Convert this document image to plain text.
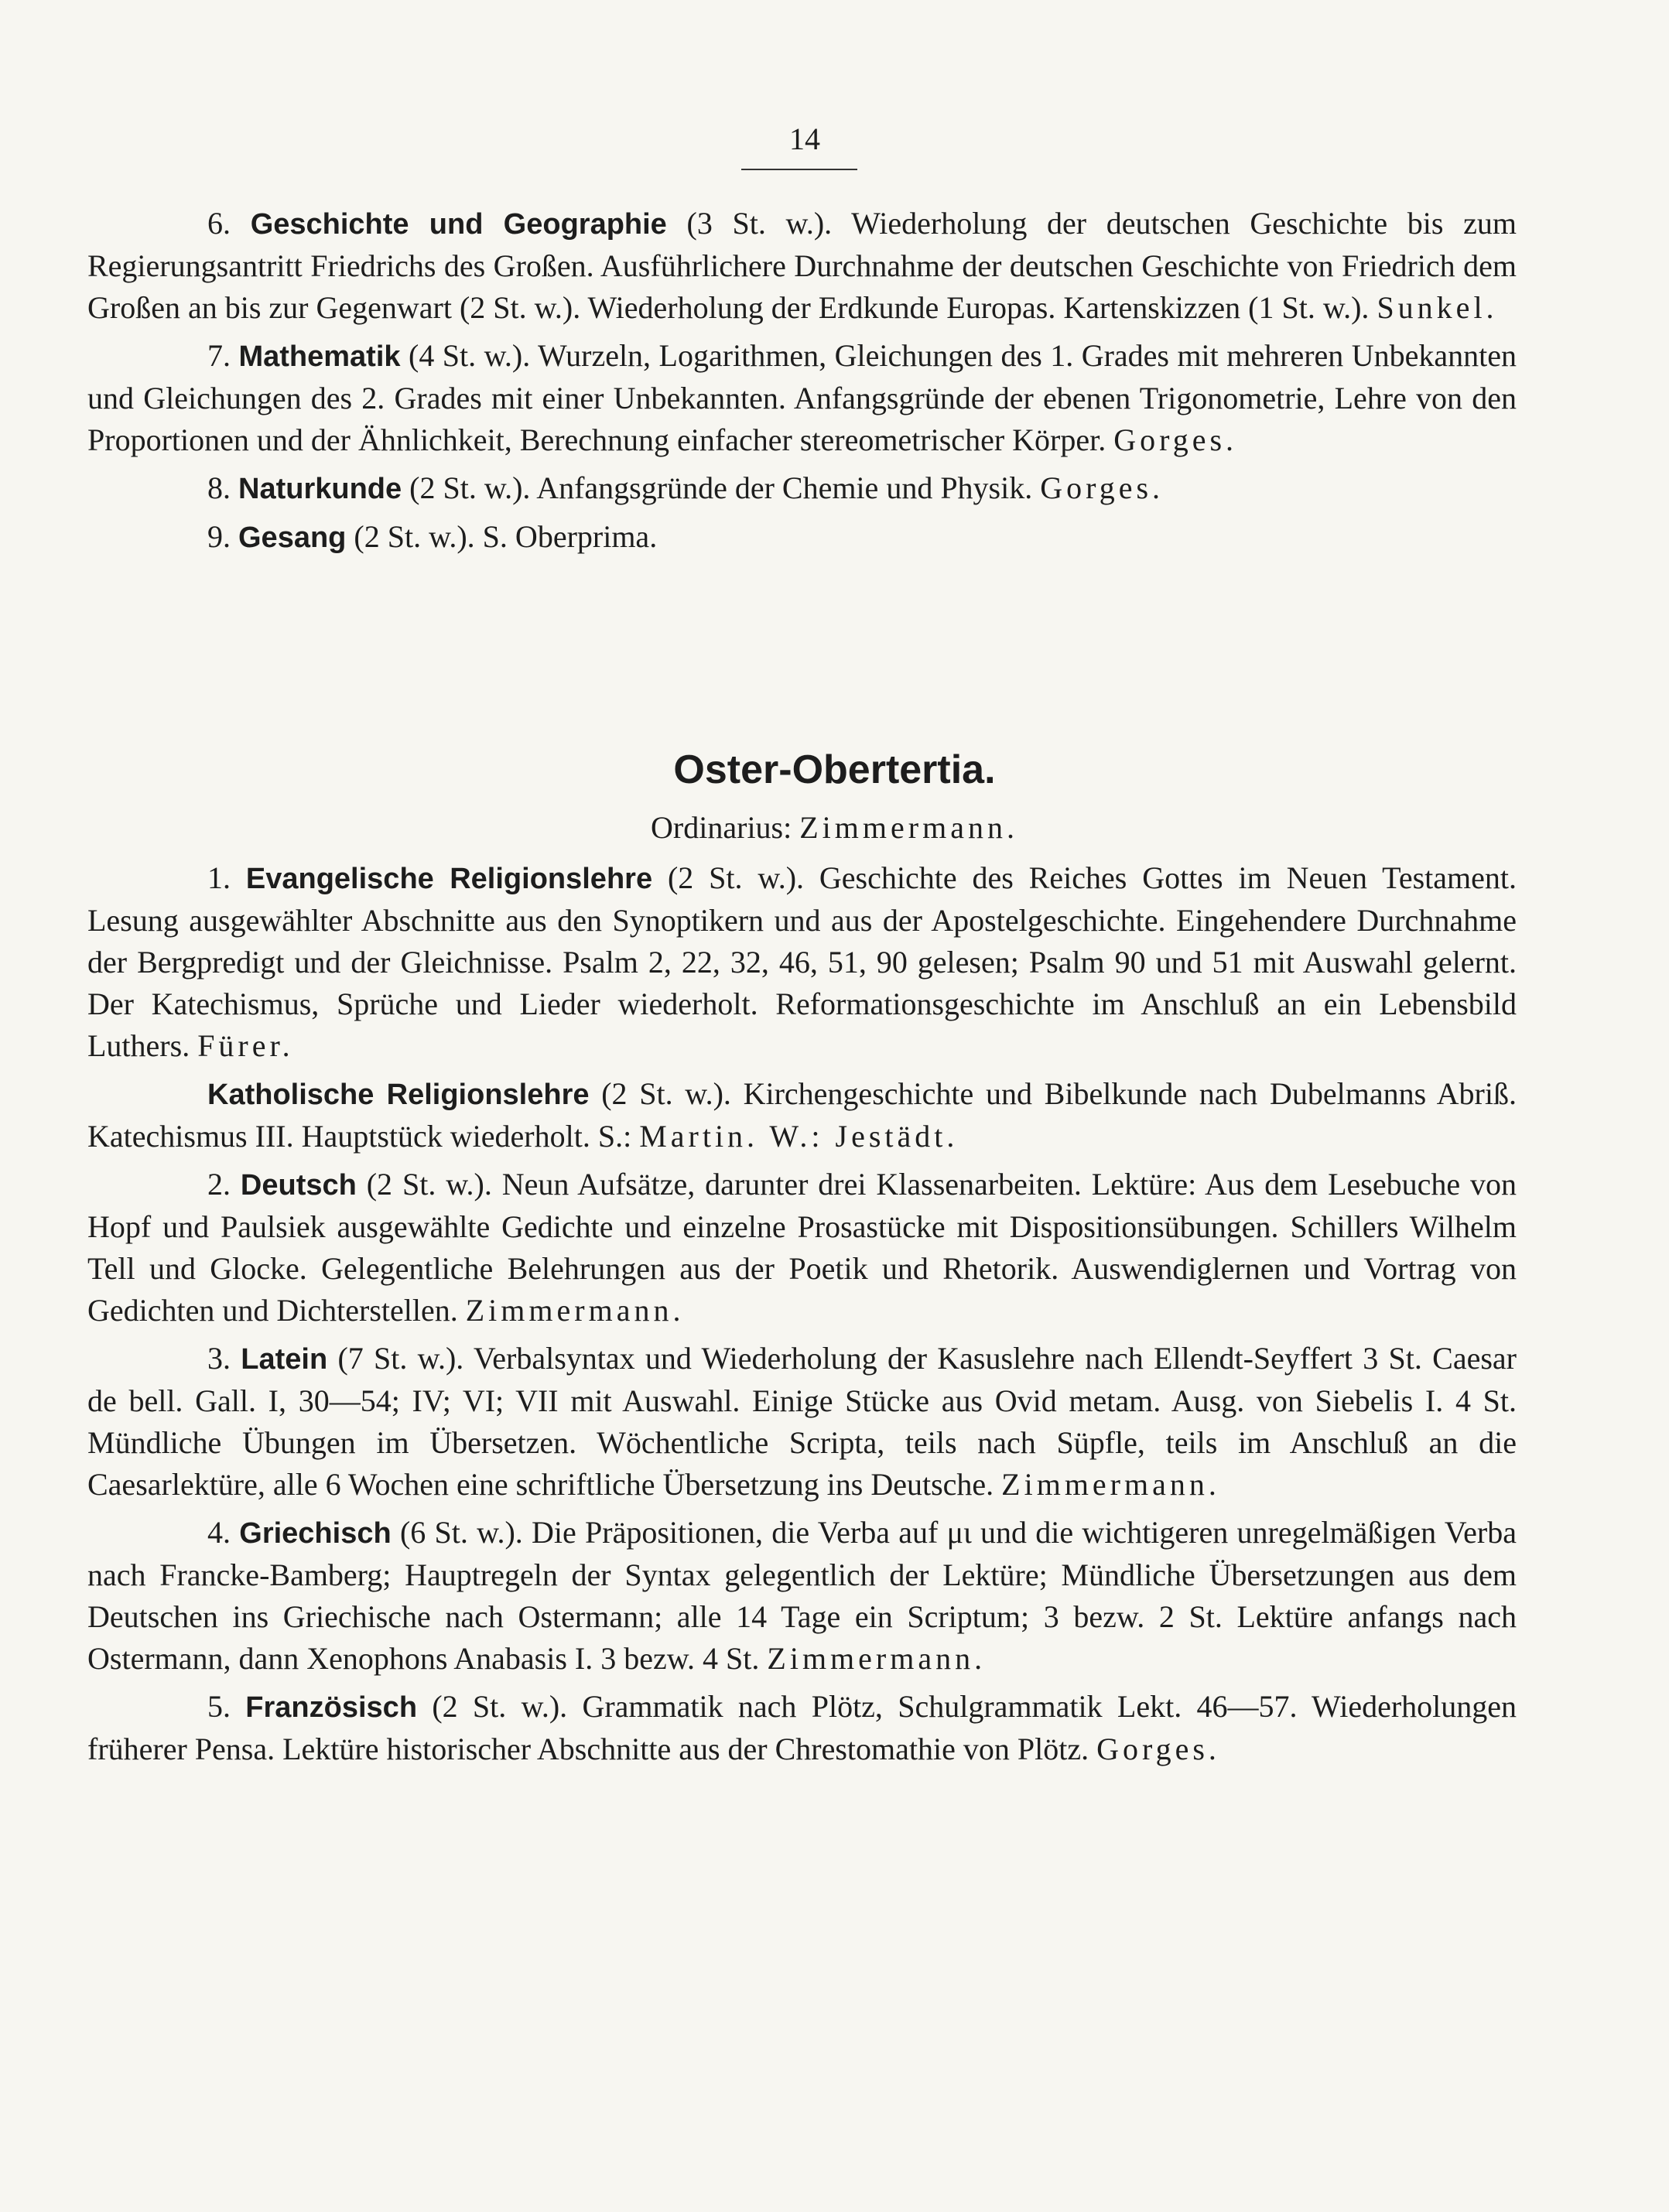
14

6. Geschichte und Geographie (3 St. w.). Wiederholung der deutschen Geschichte bis zum Regierungsantritt Friedrichs des Großen. Ausführlichere Durchnahme der deutschen Geschichte von Friedrich dem Großen an bis zur Gegenwart (2 St. w.). Wiederholung der Erdkunde Europas. Kartenskizzen (1 St. w.). Sunkel.

7. Mathematik (4 St. w.). Wurzeln, Logarithmen, Gleichungen des 1. Grades mit mehreren Unbekannten und Gleichungen des 2. Grades mit einer Unbekannten. Anfangsgründe der ebenen Trigonometrie, Lehre von den Proportionen und der Ähnlichkeit, Berechnung einfacher stereometrischer Körper. Gorges.

8. Naturkunde (2 St. w.). Anfangsgründe der Chemie und Physik. Gorges.

9. Gesang (2 St. w.). S. Oberprima.

Oster-Obertertia.
Ordinarius: Zimmermann.

1. Evangelische Religionslehre (2 St. w.). Geschichte des Reiches Gottes im Neuen Testament. Lesung ausgewählter Abschnitte aus den Synoptikern und aus der Apostelgeschichte. Eingehendere Durchnahme der Bergpredigt und der Gleichnisse. Psalm 2, 22, 32, 46, 51, 90 gelesen; Psalm 90 und 51 mit Auswahl gelernt. Der Katechismus, Sprüche und Lieder wiederholt. Reformationsgeschichte im Anschluß an ein Lebensbild Luthers. Fürer.

Katholische Religionslehre (2 St. w.). Kirchengeschichte und Bibelkunde nach Dubelmanns Abriß. Katechismus III. Hauptstück wiederholt. S.: Martin. W.: Jestädt.

2. Deutsch (2 St. w.). Neun Aufsätze, darunter drei Klassenarbeiten. Lektüre: Aus dem Lesebuche von Hopf und Paulsiek ausgewählte Gedichte und einzelne Prosastücke mit Dispositionsübungen. Schillers Wilhelm Tell und Glocke. Gelegentliche Belehrungen aus der Poetik und Rhetorik. Auswendiglernen und Vortrag von Gedichten und Dichterstellen. Zimmermann.

3. Latein (7 St. w.). Verbalsyntax und Wiederholung der Kasuslehre nach Ellendt-Seyffert 3 St. Caesar de bell. Gall. I, 30—54; IV; VI; VII mit Auswahl. Einige Stücke aus Ovid metam. Ausg. von Siebelis I. 4 St. Mündliche Übungen im Übersetzen. Wöchentliche Scripta, teils nach Süpfle, teils im Anschluß an die Caesarlektüre, alle 6 Wochen eine schriftliche Übersetzung ins Deutsche. Zimmermann.

4. Griechisch (6 St. w.). Die Präpositionen, die Verba auf μι und die wichtigeren unregelmäßigen Verba nach Francke-Bamberg; Hauptregeln der Syntax gelegentlich der Lektüre; Mündliche Übersetzungen aus dem Deutschen ins Griechische nach Ostermann; alle 14 Tage ein Scriptum; 3 bezw. 2 St. Lektüre anfangs nach Ostermann, dann Xenophons Anabasis I. 3 bezw. 4 St. Zimmermann.

5. Französisch (2 St. w.). Grammatik nach Plötz, Schulgrammatik Lekt. 46—57. Wiederholungen früherer Pensa. Lektüre historischer Abschnitte aus der Chrestomathie von Plötz. Gorges.
